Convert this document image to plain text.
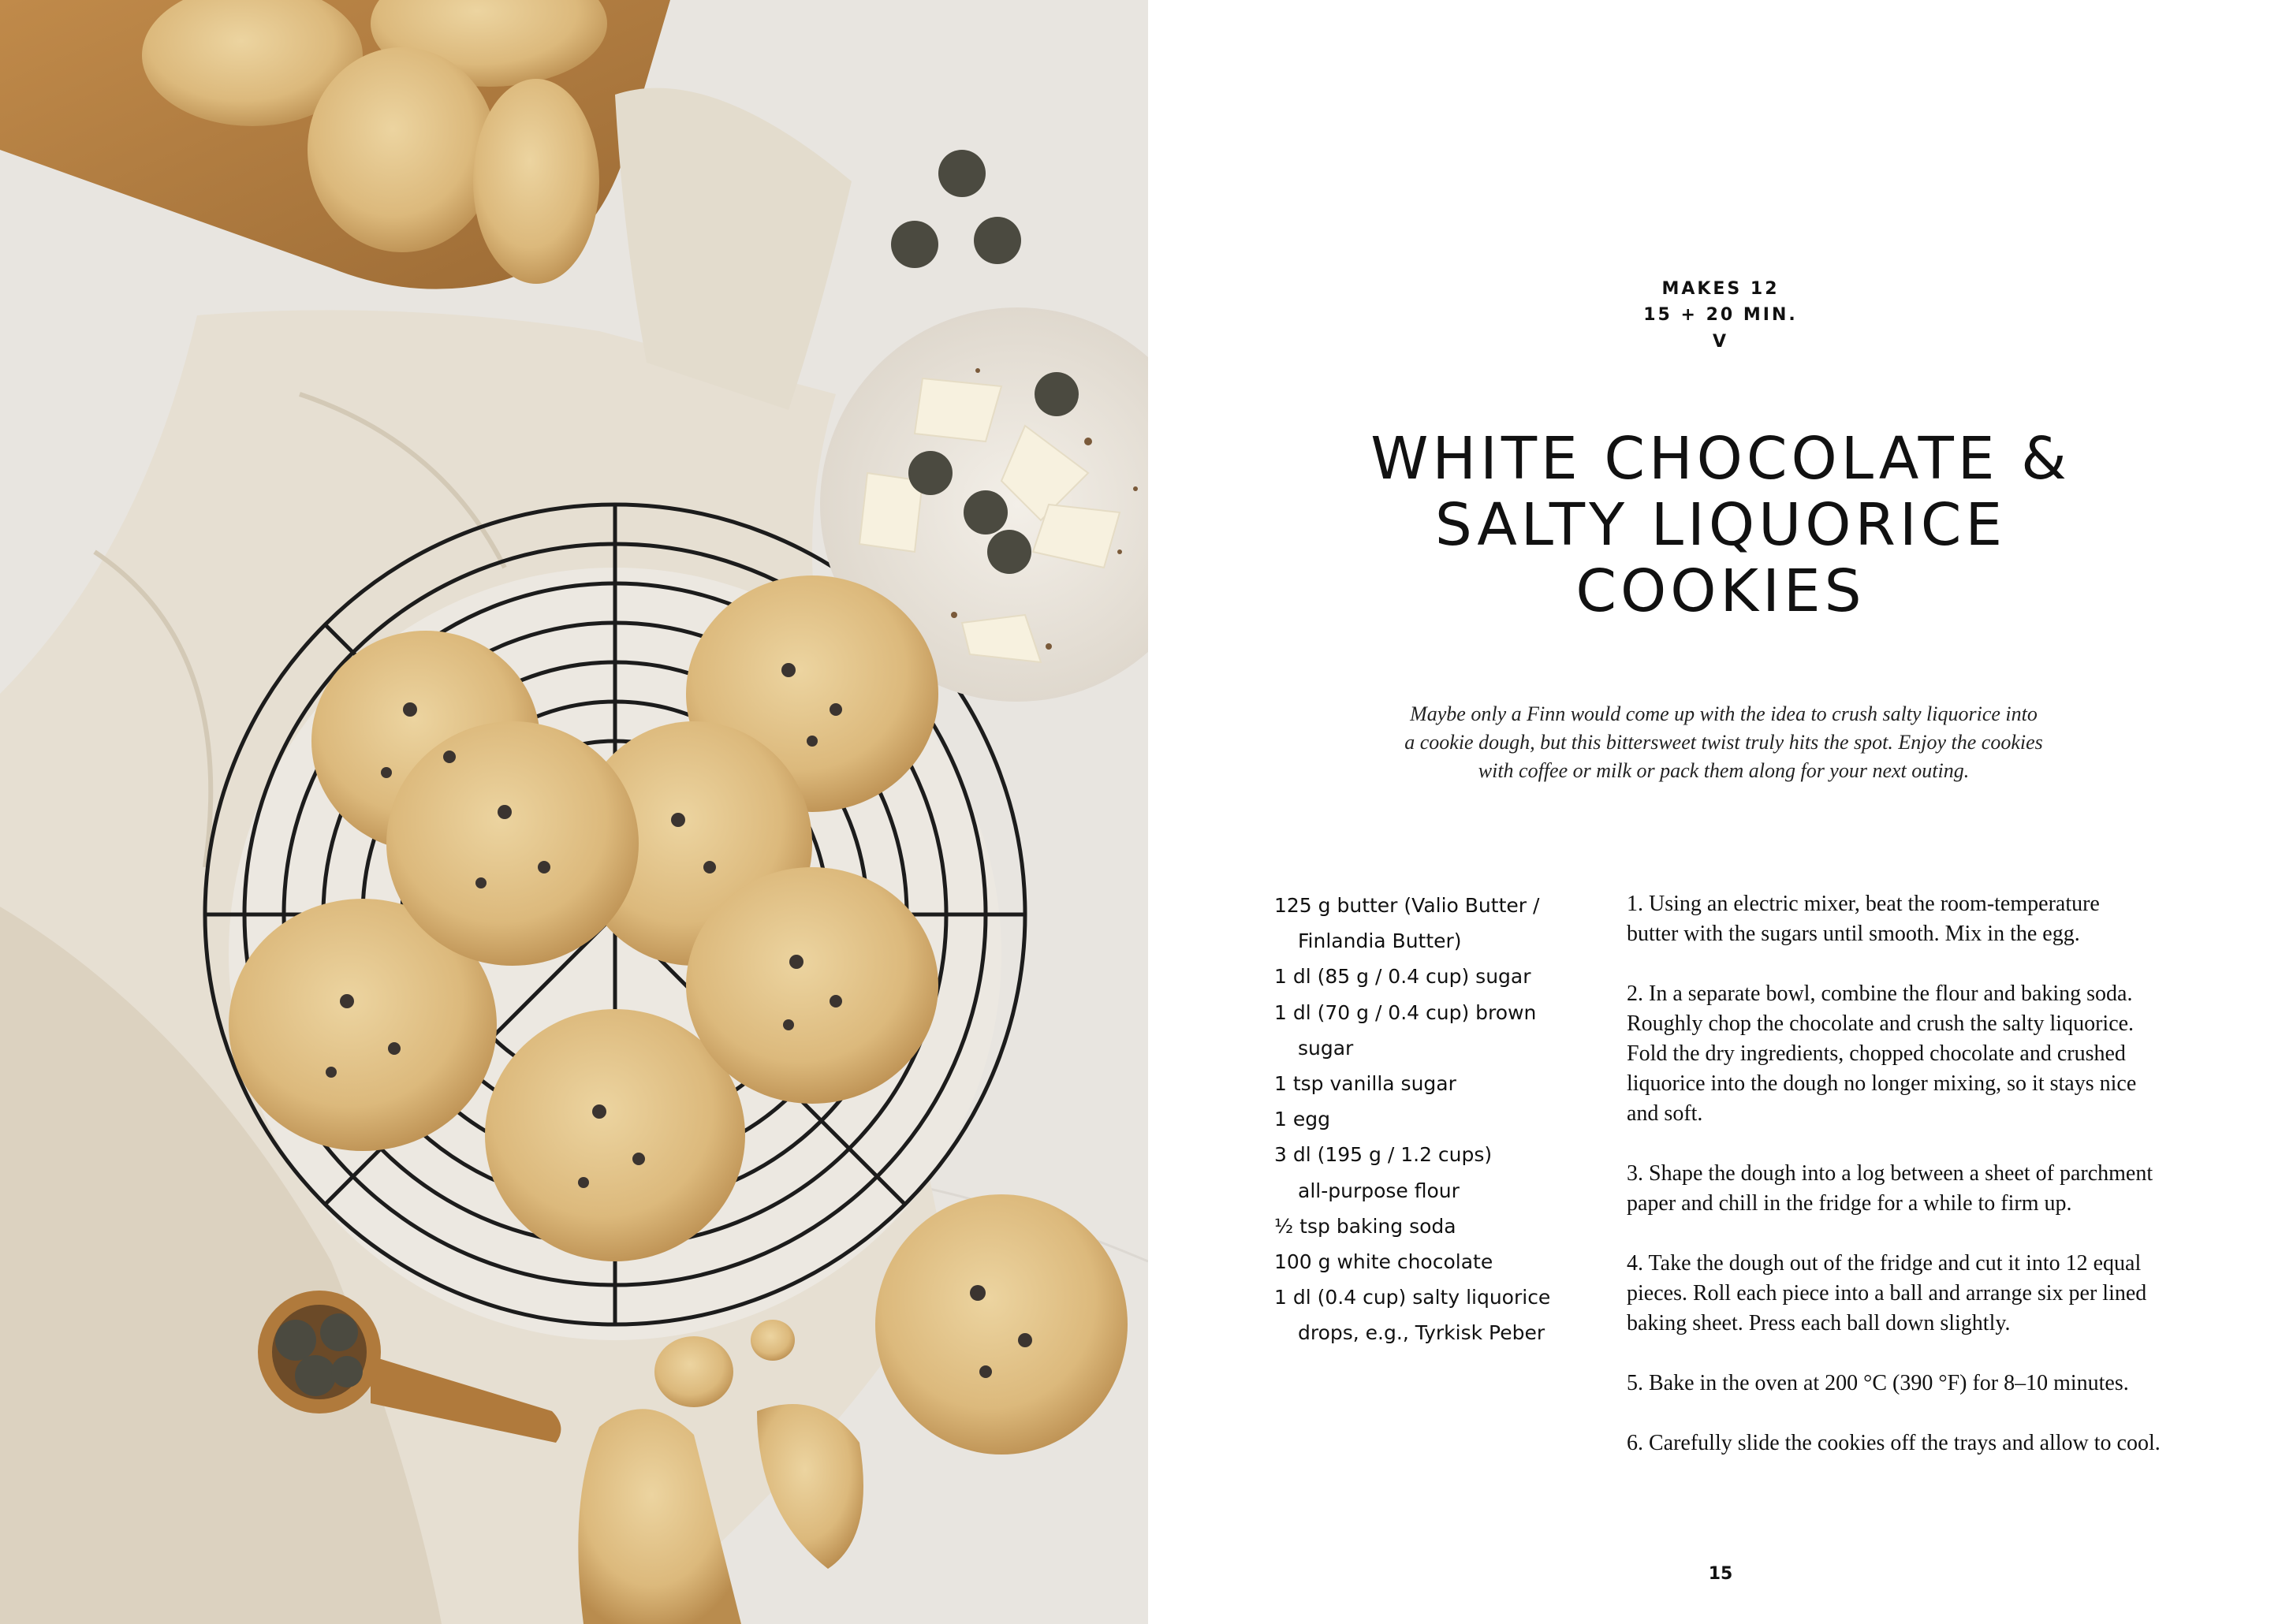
MAKES 12
15 + 20 MIN.
V
WHITE CHOCOLATE &
SALTY LIQUORICE
COOKIES
Maybe only a Finn would come up with the idea to crush salty liquorice into
a cookie dough, but this bittersweet twist truly hits the spot. Enjoy the cookies
with coffee or milk or pack them along for your next outing.
125 g butter (Valio Butter /
Finlandia Butter)
1 dl (85 g / 0.4 cup) sugar
1 dl (70 g / 0.4 cup) brown
sugar
1 tsp vanilla sugar
1 egg
3 dl (195 g / 1.2 cups)
all-purpose flour
½ tsp baking soda
100 g white chocolate
1 dl (0.4 cup) salty liquorice
drops, e.g., Tyrkisk Peber
1. Using an electric mixer, beat the room-temperature
butter with the sugars until smooth. Mix in the egg.
2. In a separate bowl, combine the flour and baking soda.
Roughly chop the chocolate and crush the salty liquorice.
Fold the dry ingredients, chopped chocolate and crushed
liquorice into the dough no longer mixing, so it stays nice
and soft.
3. Shape the dough into a log between a sheet of parchment
paper and chill in the fridge for a while to firm up.
4. Take the dough out of the fridge and cut it into 12 equal
pieces. Roll each piece into a ball and arrange six per lined
baking sheet. Press each ball down slightly.
5. Bake in the oven at 200 °C (390 °F) for 8–10 minutes.
6. Carefully slide the cookies off the trays and allow to cool.
15
